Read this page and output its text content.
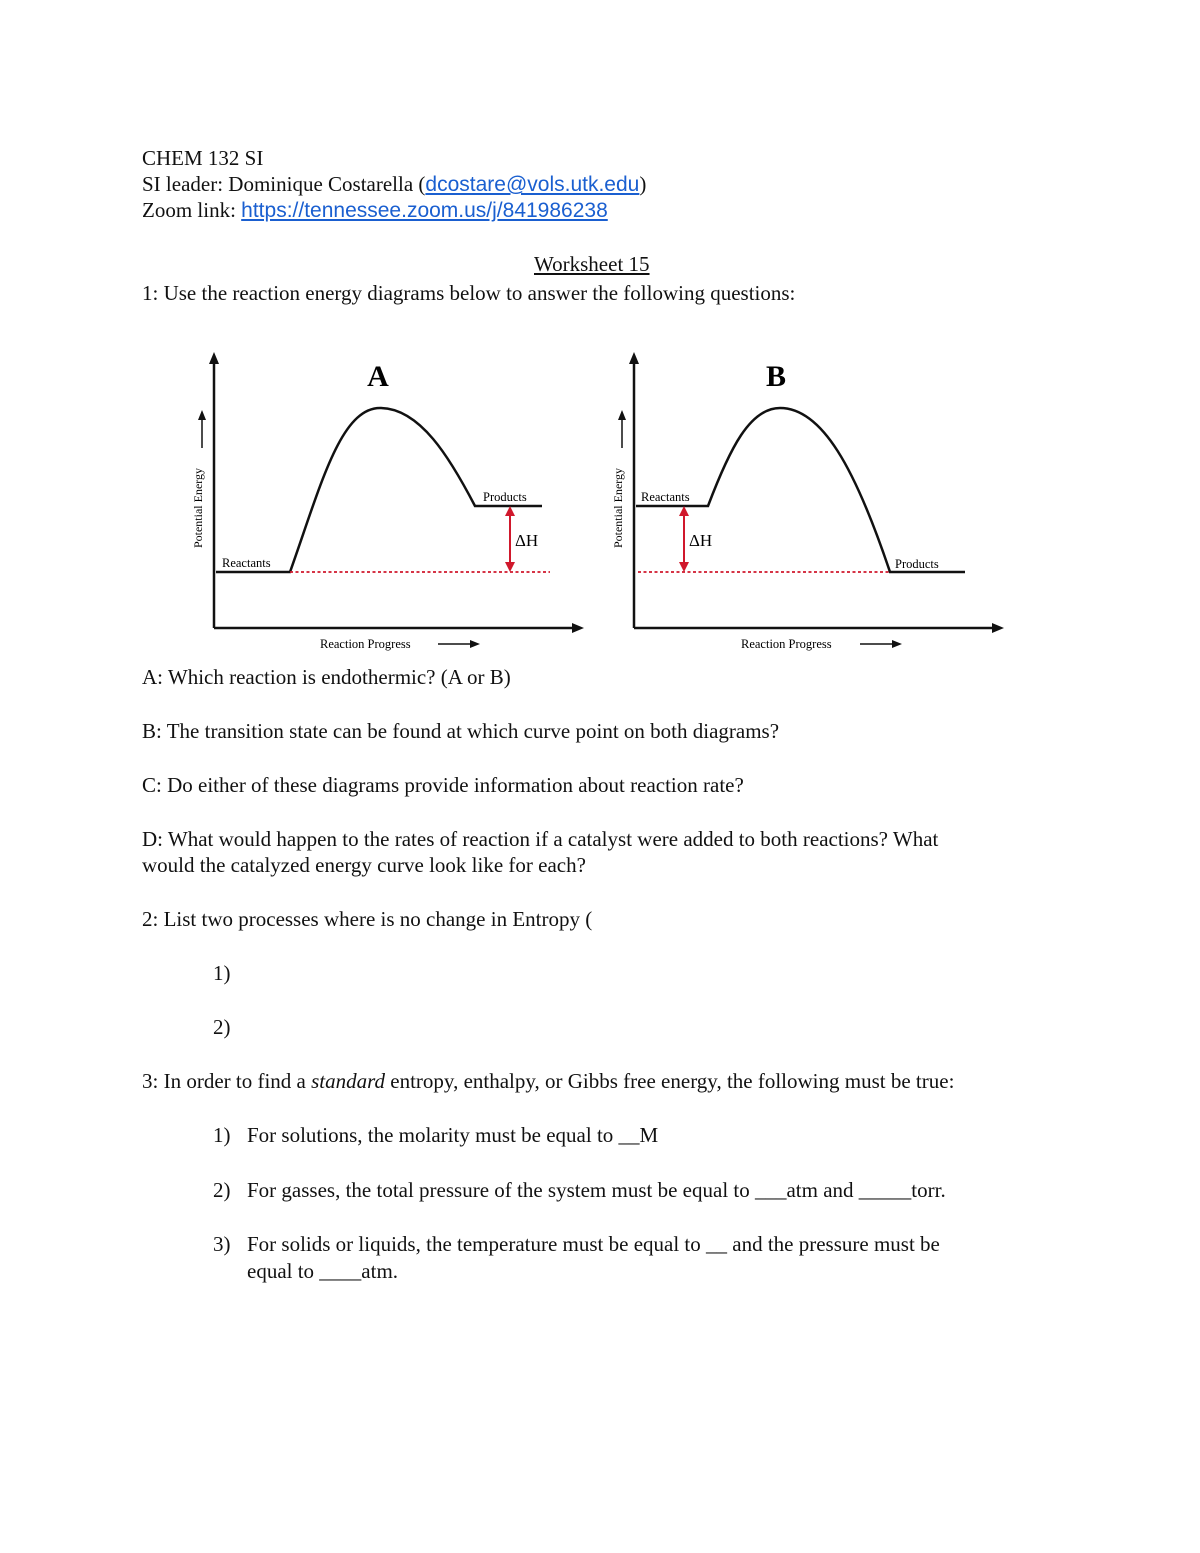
CHEM 132 SI
SI leader: Dominique Costarella (dcostare@vols.utk.edu)
Zoom link: https://tennessee.zoom.us/j/841986238
Worksheet 15
1: Use the reaction energy diagrams below to answer the following questions:
A
Potential Energy
Reactants
Products
ΔH
Reaction Progress
B
Potential Energy Reactants
Products
ΔH
Reaction Progress
A: Which reaction is endothermic? (A or B)
B: The transition state can be found at which curve point on both diagrams?
C: Do either of these diagrams provide information about reaction rate?
D: What would happen to the rates of reaction if a catalyst were added to both reactions? What
would the catalyzed energy curve look like for each?
2: List two processes where is no change in Entropy (
1)
2)
3: In order to find a standard entropy, enthalpy, or Gibbs free energy, the following must be true:
1) For solutions, the molarity must be equal to __M
2) For gasses, the total pressure of the system must be equal to ___atm and _____torr.
3) For solids or liquids, the temperature must be equal to __ and the pressure must be
equal to ____atm.
